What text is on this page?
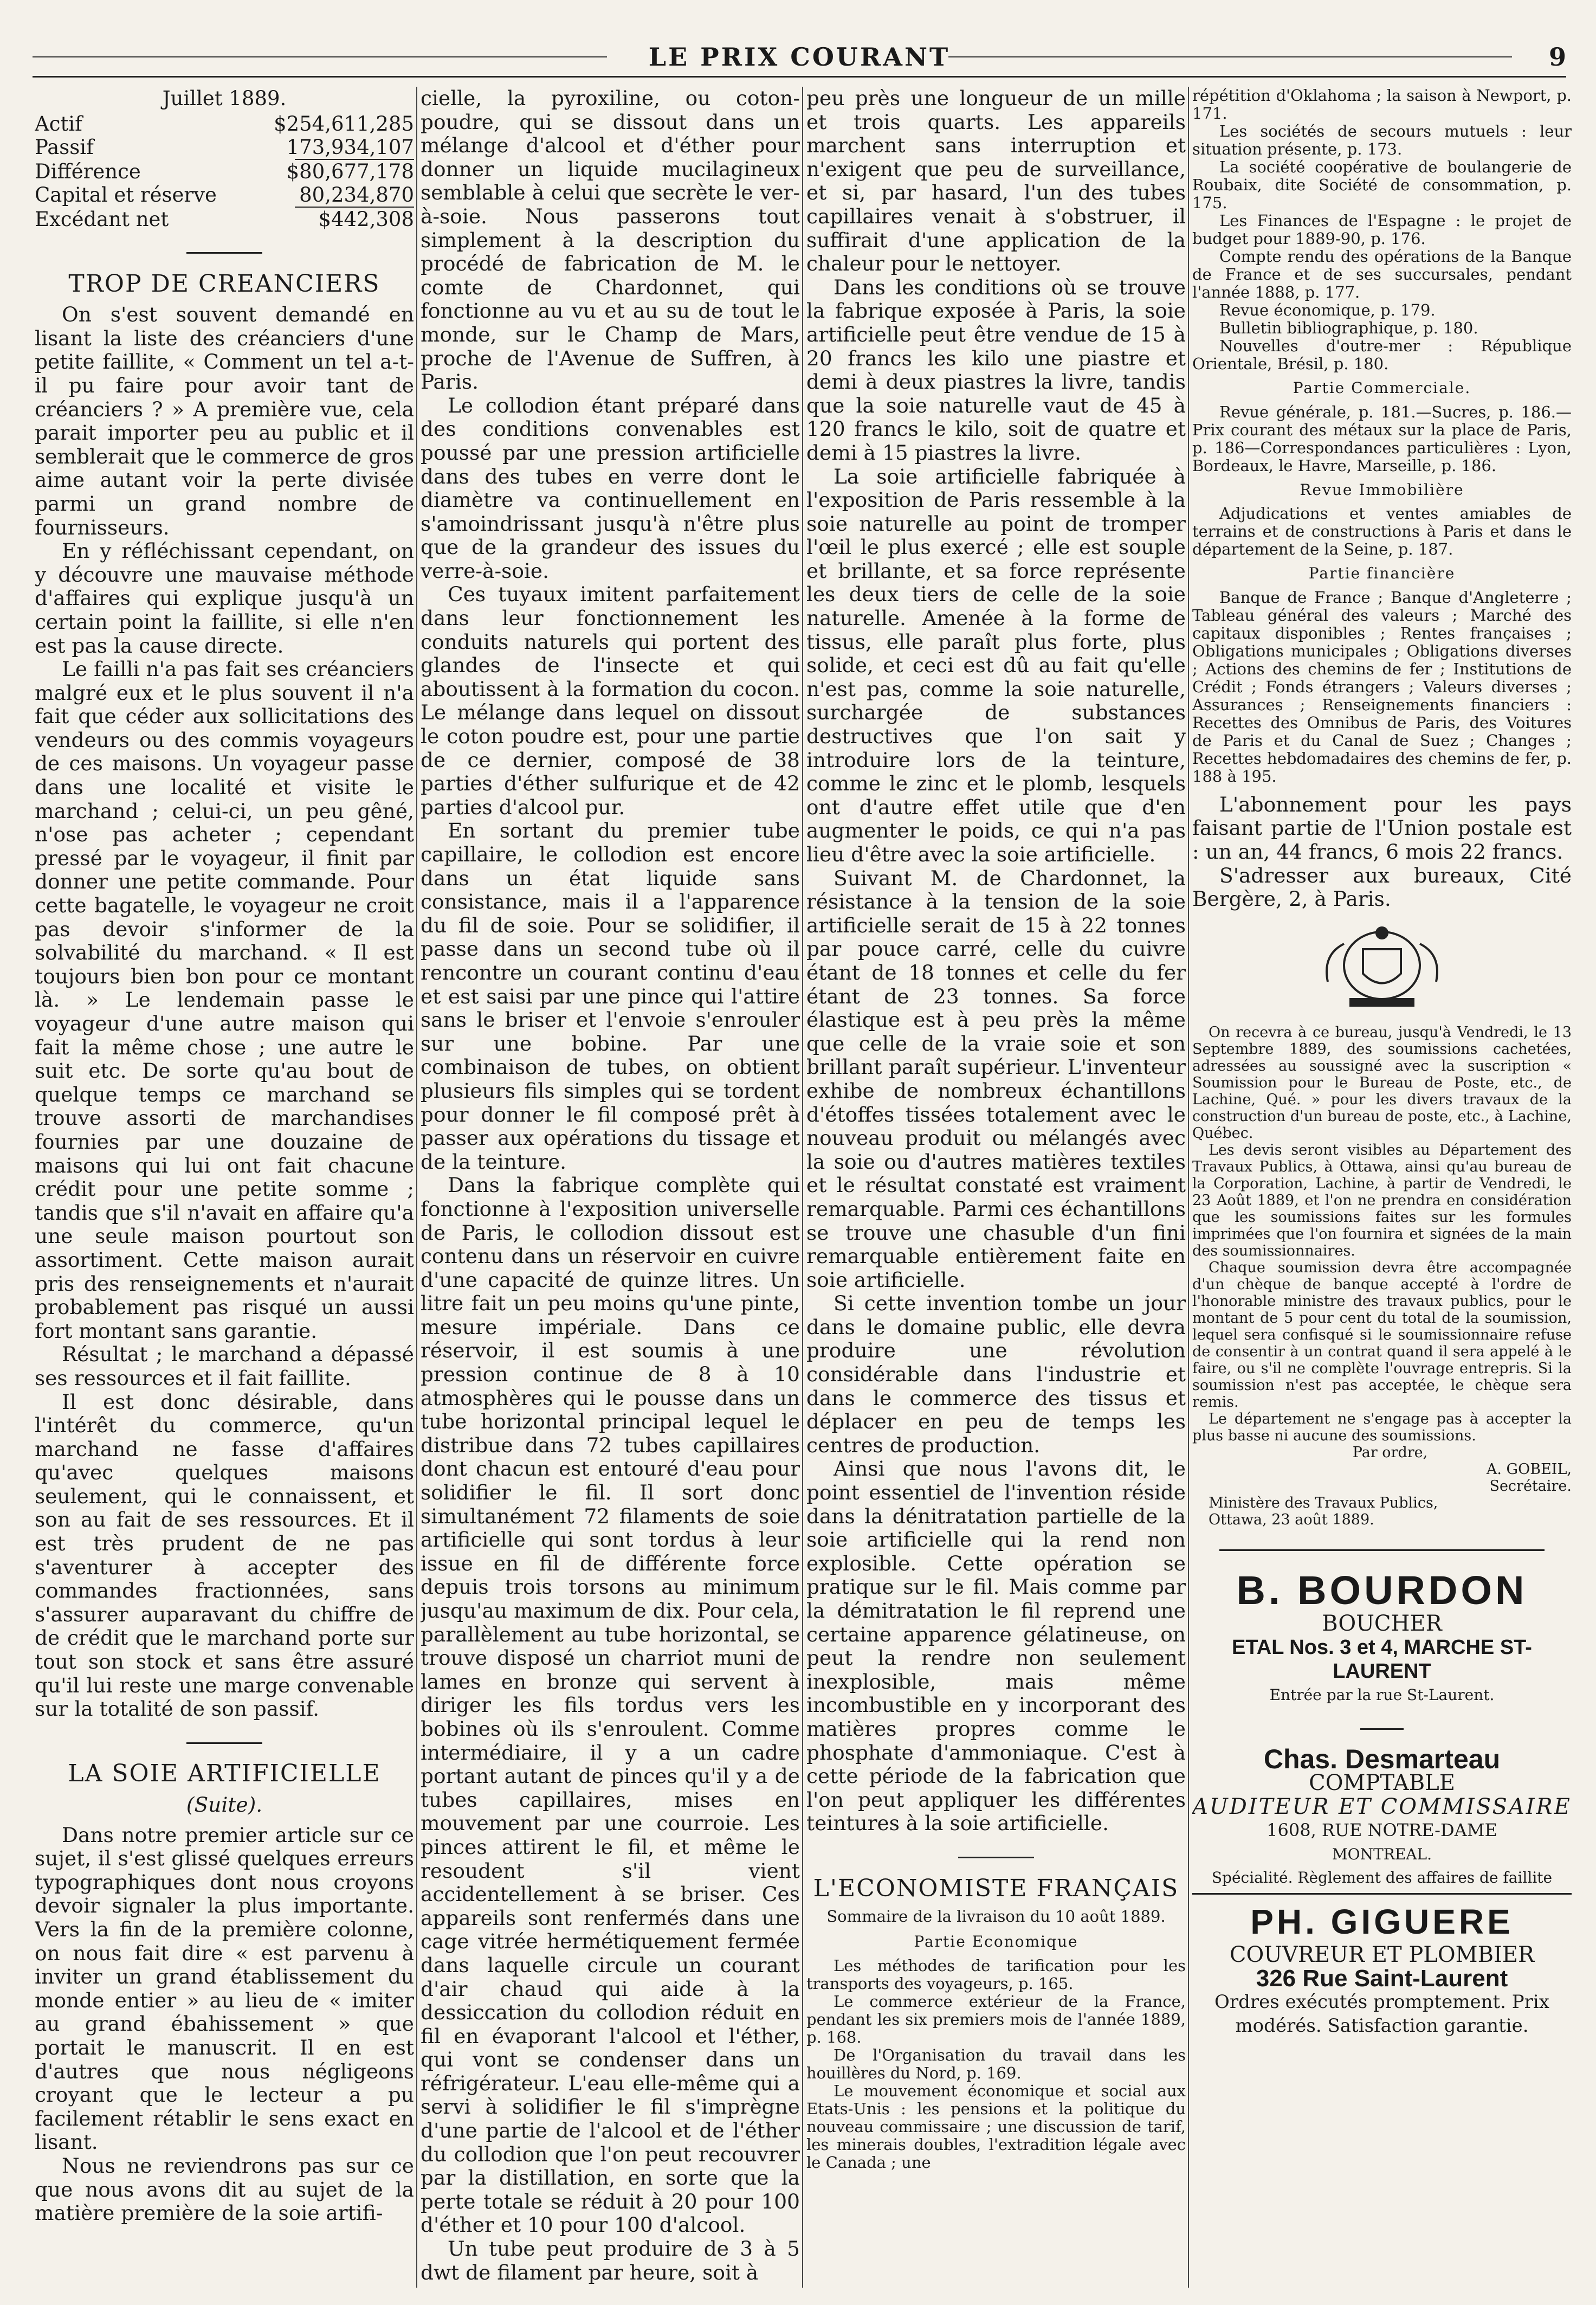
LE PRIX COURANT	9
Juillet 1889.
Actif	$254,611,285
Passif	173,934,107
Différence	$80,677,178
Capital et réserve	80,234,870
Excédant net	$442,308
TROP DE CREANCIERS

On s'est souvent demandé en lisant la liste des créanciers d'une petite faillite, « Comment un tel a-t-il pu faire pour avoir tant de créanciers ? » A première vue, cela parait importer peu au public et il semblerait que le commerce de gros aime autant voir la perte divisée parmi un grand nombre de fournisseurs.

En y réfléchissant cependant, on y découvre une mauvaise méthode d'affaires qui explique jusqu'à un certain point la faillite, si elle n'en est pas la cause directe.

Le failli n'a pas fait ses créanciers malgré eux et le plus souvent il n'a fait que céder aux sollicitations des vendeurs ou des commis voyageurs de ces maisons. Un voyageur passe dans une localité et visite le marchand ; celui-ci, un peu gêné, n'ose pas acheter ; cependant pressé par le voyageur, il finit par donner une petite commande. Pour cette bagatelle, le voyageur ne croit pas devoir s'informer de la solvabilité du marchand. « Il est toujours bien bon pour ce montant là. » Le lendemain passe le voyageur d'une autre maison qui fait la même chose ; une autre le suit etc. De sorte qu'au bout de quelque temps ce marchand se trouve assorti de marchandises fournies par une douzaine de maisons qui lui ont fait chacune crédit pour une petite somme ; tandis que s'il n'avait en affaire qu'a une seule maison pourtout son assortiment. Cette maison aurait pris des renseignements et n'aurait probablement pas risqué un aussi fort montant sans garantie.

Résultat ; le marchand a dépassé ses ressources et il fait faillite.

Il est donc désirable, dans l'intérêt du commerce, qu'un marchand ne fasse d'affaires qu'avec quelques maisons seulement, qui le connaissent, et son au fait de ses ressources. Et il est très prudent de ne pas s'aventurer à accepter des commandes fractionnées, sans s'assurer auparavant du chiffre de de crédit que le marchand porte sur tout son stock et sans être assuré qu'il lui reste une marge convenable sur la totalité de son passif.

LA SOIE ARTIFICIELLE
(Suite).

Dans notre premier article sur ce sujet, il s'est glissé quelques erreurs typographiques dont nous croyons devoir signaler la plus importante. Vers la fin de la première colonne, on nous fait dire « est parvenu à inviter un grand établissement du monde entier » au lieu de « imiter au grand ébahissement » que portait le manuscrit. Il en est d'autres que nous négligeons croyant que le lecteur a pu facilement rétablir le sens exact en lisant.

Nous ne reviendrons pas sur ce que nous avons dit au sujet de la matière première de la soie artifi-

cielle, la pyroxiline, ou coton-poudre, qui se dissout dans un mélange d'alcool et d'éther pour donner un liquide mucilagineux semblable à celui que secrète le ver-à-soie. Nous passerons tout simplement à la description du procédé de fabrication de M. le comte de Chardonnet, qui fonctionne au vu et au su de tout le monde, sur le Champ de Mars, proche de l'Avenue de Suffren, à Paris.

Le collodion étant préparé dans des conditions convenables est poussé par une pression artificielle dans des tubes en verre dont le diamètre va continuellement en s'amoindrissant jusqu'à n'être plus que de la grandeur des issues du verre-à-soie.

Ces tuyaux imitent parfaitement dans leur fonctionnement les conduits naturels qui portent des glandes de l'insecte et qui aboutissent à la formation du cocon. Le mélange dans lequel on dissout le coton poudre est, pour une partie de ce dernier, composé de 38 parties d'éther sulfurique et de 42 parties d'alcool pur.

En sortant du premier tube capillaire, le collodion est encore dans un état liquide sans consistance, mais il a l'apparence du fil de soie. Pour se solidifier, il passe dans un second tube où il rencontre un courant continu d'eau et est saisi par une pince qui l'attire sans le briser et l'envoie s'enrouler sur une bobine. Par une combinaison de tubes, on obtient plusieurs fils simples qui se tordent pour donner le fil composé prêt à passer aux opérations du tissage et de la teinture.

Dans la fabrique complète qui fonctionne à l'exposition universelle de Paris, le collodion dissout est contenu dans un réservoir en cuivre d'une capacité de quinze litres. Un litre fait un peu moins qu'une pinte, mesure impériale. Dans ce réservoir, il est soumis à une pression continue de 8 à 10 atmosphères qui le pousse dans un tube horizontal principal lequel le distribue dans 72 tubes capillaires dont chacun est entouré d'eau pour solidifier le fil. Il sort donc simultanément 72 filaments de soie artificielle qui sont tordus à leur issue en fil de différente force depuis trois torsons au minimum jusqu'au maximum de dix. Pour cela, parallèlement au tube horizontal, se trouve disposé un charriot muni de lames en bronze qui servent à diriger les fils tordus vers les bobines où ils s'enroulent. Comme intermédiaire, il y a un cadre portant autant de pinces qu'il y a de tubes capillaires, mises en mouvement par une courroie. Les pinces attirent le fil, et même le resoudent s'il vient accidentellement à se briser. Ces appareils sont renfermés dans une cage vitrée hermétiquement fermée dans laquelle circule un courant d'air chaud qui aide à la dessiccation du collodion réduit en fil en évaporant l'alcool et l'éther, qui vont se condenser dans un réfrigérateur. L'eau elle-même qui a servi à solidifier le fil s'imprègne d'une partie de l'alcool et de l'éther du collodion que l'on peut recouvrer par la distillation, en sorte que la perte totale se réduit à 20 pour 100 d'éther et 10 pour 100 d'alcool.

Un tube peut produire de 3 à 5 dwt de filament par heure, soit à

peu près une longueur de un mille et trois quarts. Les appareils marchent sans interruption et n'exigent que peu de surveillance, et si, par hasard, l'un des tubes capillaires venait à s'obstruer, il suffirait d'une application de la chaleur pour le nettoyer.

Dans les conditions où se trouve la fabrique exposée à Paris, la soie artificielle peut être vendue de 15 à 20 francs les kilo une piastre et demi à deux piastres la livre, tandis que la soie naturelle vaut de 45 à 120 francs le kilo, soit de quatre et demi à 15 piastres la livre.

La soie artificielle fabriquée à l'exposition de Paris ressemble à la soie naturelle au point de tromper l'œil le plus exercé ; elle est souple et brillante, et sa force représente les deux tiers de celle de la soie naturelle. Amenée à la forme de tissus, elle paraît plus forte, plus solide, et ceci est dû au fait qu'elle n'est pas, comme la soie naturelle, surchargée de substances destructives que l'on sait y introduire lors de la teinture, comme le zinc et le plomb, lesquels ont d'autre effet utile que d'en augmenter le poids, ce qui n'a pas lieu d'être avec la soie artificielle.

Suivant M. de Chardonnet, la résistance à la tension de la soie artificielle serait de 15 à 22 tonnes par pouce carré, celle du cuivre étant de 18 tonnes et celle du fer étant de 23 tonnes. Sa force élastique est à peu près la même que celle de la vraie soie et son brillant paraît supérieur. L'inventeur exhibe de nombreux échantillons d'étoffes tissées totalement avec le nouveau produit ou mélangés avec la soie ou d'autres matières textiles et le résultat constaté est vraiment remarquable. Parmi ces échantillons se trouve une chasuble d'un fini remarquable entièrement faite en soie artificielle.

Si cette invention tombe un jour dans le domaine public, elle devra produire une révolution considérable dans l'industrie et dans le commerce des tissus et déplacer en peu de temps les centres de production.

Ainsi que nous l'avons dit, le point essentiel de l'invention réside dans la dénitratation partielle de la soie artificielle qui la rend non explosible. Cette opération se pratique sur le fil. Mais comme par la démitratation le fil reprend une certaine apparence gélatineuse, on peut la rendre non seulement inexplosible, mais même incombustible en y incorporant des matières propres comme le phosphate d'ammoniaque. C'est à cette période de la fabrication que l'on peut appliquer les différentes teintures à la soie artificielle.

L'ECONOMISTE FRANÇAIS
Sommaire de la livraison du 10 août 1889.
Partie Economique

Les méthodes de tarification pour les transports des voyageurs, p. 165.

Le commerce extérieur de la France, pendant les six premiers mois de l'année 1889, p. 168.

De l'Organisation du travail dans les houillères du Nord, p. 169.

Le mouvement économique et social aux Etats-Unis : les pensions et la politique du nouveau commissaire ; une discussion de tarif, les minerais doubles, l'extradition légale avec le Canada ; une

répétition d'Oklahoma ; la saison à Newport, p. 171.

Les sociétés de secours mutuels : leur situation présente, p. 173.

La société coopérative de boulangerie de Roubaix, dite Société de consommation, p. 175.

Les Finances de l'Espagne : le projet de budget pour 1889-90, p. 176.

Compte rendu des opérations de la Banque de France et de ses succursales, pendant l'année 1888, p. 177.

Revue économique, p. 179.

Bulletin bibliographique, p. 180.

Nouvelles d'outre-mer : République Orientale, Brésil, p. 180.

Partie Commerciale.

Revue générale, p. 181.—Sucres, p. 186.—Prix courant des métaux sur la place de Paris, p. 186—Correspondances particulières : Lyon, Bordeaux, le Havre, Marseille, p. 186.

Revue Immobilière

Adjudications et ventes amiables de terrains et de constructions à Paris et dans le département de la Seine, p. 187.

Partie financière

Banque de France ; Banque d'Angleterre ; Tableau général des valeurs ; Marché des capitaux disponibles ; Rentes françaises ; Obligations municipales ; Obligations diverses ; Actions des chemins de fer ; Institutions de Crédit ; Fonds étrangers ; Valeurs diverses ; Assurances ; Renseignements financiers : Recettes des Omnibus de Paris, des Voitures de Paris et du Canal de Suez ; Changes ; Recettes hebdomadaires des chemins de fer, p. 188 à 195.

L'abonnement pour les pays faisant partie de l'Union postale est : un an, 44 francs, 6 mois 22 francs.

S'adresser aux bureaux, Cité Bergère, 2, à Paris.

On recevra à ce bureau, jusqu'à Vendredi, le 13 Septembre 1889, des soumissions cachetées, adressées au soussigné avec la suscription « Soumission pour le Bureau de Poste, etc., de Lachine, Qué. » pour les divers travaux de la construction d'un bureau de poste, etc., à Lachine, Québec.

Les devis seront visibles au Département des Travaux Publics, à Ottawa, ainsi qu'au bureau de la Corporation, Lachine, à partir de Vendredi, le 23 Août 1889, et l'on ne prendra en considération que les soumissions faites sur les formules imprimées que l'on fournira et signées de la main des soumissionnaires.

Chaque soumission devra être accompagnée d'un chèque de banque accepté à l'ordre de l'honorable ministre des travaux publics, pour le montant de 5 pour cent du total de la soumission, lequel sera confisqué si le soumissionnaire refuse de consentir à un contrat quand il sera appelé à le faire, ou s'il ne complète l'ouvrage entrepris. Si la soumission n'est pas acceptée, le chèque sera remis.

Le département ne s'engage pas à accepter la plus basse ni aucune des soumissions.

Par ordre,

A. GOBEIL,

Secrétaire.

Ministère des Travaux Publics,

Ottawa, 23 août 1889.

B. BOURDON
BOUCHER
ETAL Nos. 3 et 4, MARCHE ST-LAURENT
Entrée par la rue St-Laurent.
Chas. Desmarteau
COMPTABLE
AUDITEUR ET COMMISSAIRE
1608, RUE NOTRE-DAME
MONTREAL.
Spécialité. Règlement des affaires de faillite
PH. GIGUERE
COUVREUR ET PLOMBIER
326 Rue Saint-Laurent
Ordres exécutés promptement. Prix modérés. Satisfaction garantie.
